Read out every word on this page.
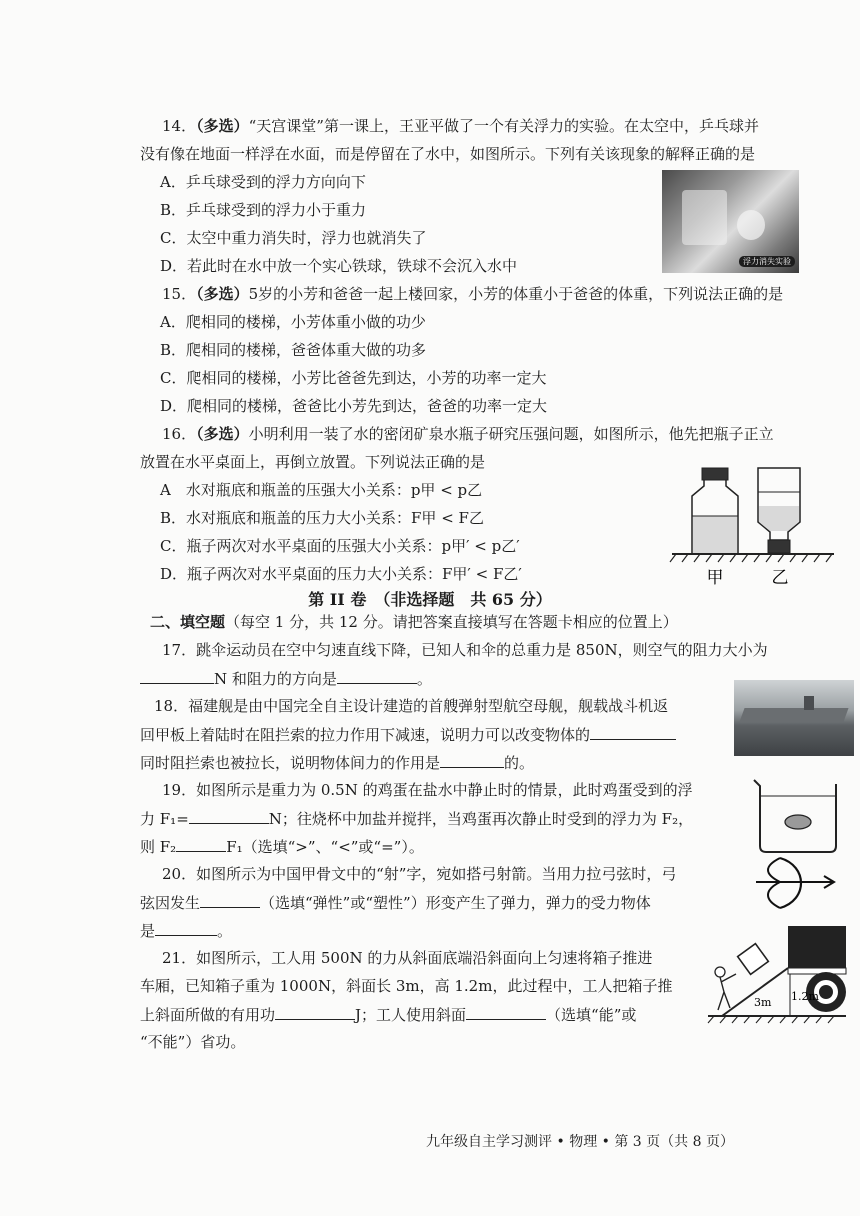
14．（多选）“天宫课堂”第一课上，王亚平做了一个有关浮力的实验。在太空中，乒乓球并
没有像在地面一样浮在水面，而是停留在了水中，如图所示。下列有关该现象的解释正确的是
A．乒乓球受到的浮力方向向下
B．乒乓球受到的浮力小于重力
C．太空中重力消失时，浮力也就消失了
D．若此时在水中放一个实心铁球，铁球不会沉入水中	浮力消失实验
15．（多选）5岁的小芳和爸爸一起上楼回家，小芳的体重小于爸爸的体重，下列说法正确的是
A．爬相同的楼梯，小芳体重小做的功少
B．爬相同的楼梯，爸爸体重大做的功多
C．爬相同的楼梯，小芳比爸爸先到达，小芳的功率一定大
D．爬相同的楼梯，爸爸比小芳先到达，爸爸的功率一定大
16．（多选）小明利用一装了水的密闭矿泉水瓶子研究压强问题，如图所示，他先把瓶子正立
放置在水平桌面上，再倒立放置。下列说法正确的是
A　水对瓶底和瓶盖的压强大小关系：p甲 < p乙
B．水对瓶底和瓶盖的压力大小关系：F甲 < F乙
C．瓶子两次对水平桌面的压强大小关系：p甲′ < p乙′
D．瓶子两次对水平桌面的压力大小关系：F甲′ < F乙′	甲	乙
第 II 卷　（非选择题　共 65 分）
二、填空题（每空 1 分，共 12 分。请把答案直接填写在答题卡相应的位置上）
17．跳伞运动员在空中匀速直线下降，已知人和伞的总重力是 850N，则空气的阻力大小为
N 和阻力的方向是	。
18．福建舰是由中国完全自主设计建造的首艘弹射型航空母舰，舰载战斗机返
回甲板上着陆时在阻拦索的拉力作用下减速，说明力可以改变物体的
同时阻拦索也被拉长，说明物体间力的作用是	的。
19．如图所示是重力为 0.5N 的鸡蛋在盐水中静止时的情景，此时鸡蛋受到的浮
力 F₁=	N；往烧杯中加盐并搅拌，当鸡蛋再次静止时受到的浮力为 F₂，
则 F₂	F₁（选填“>”、“<”或“=”）。
20．如图所示为中国甲骨文中的“射”字，宛如搭弓射箭。当用力拉弓弦时，弓
弦因发生	（选填“弹性”或“塑性”）形变产生了弹力，弹力的受力物体
是	。
21．如图所示，工人用 500N 的力从斜面底端沿斜面向上匀速将箱子推进
车厢，已知箱子重为 1000N，斜面长 3m，高 1.2m，此过程中，工人把箱子推
上斜面所做的有用功	J；工人使用斜面	（选填“能”或
“不能”）省功。
3m 1.2m
九年级自主学习测评 • 物理 • 第 3 页（共 8 页）
